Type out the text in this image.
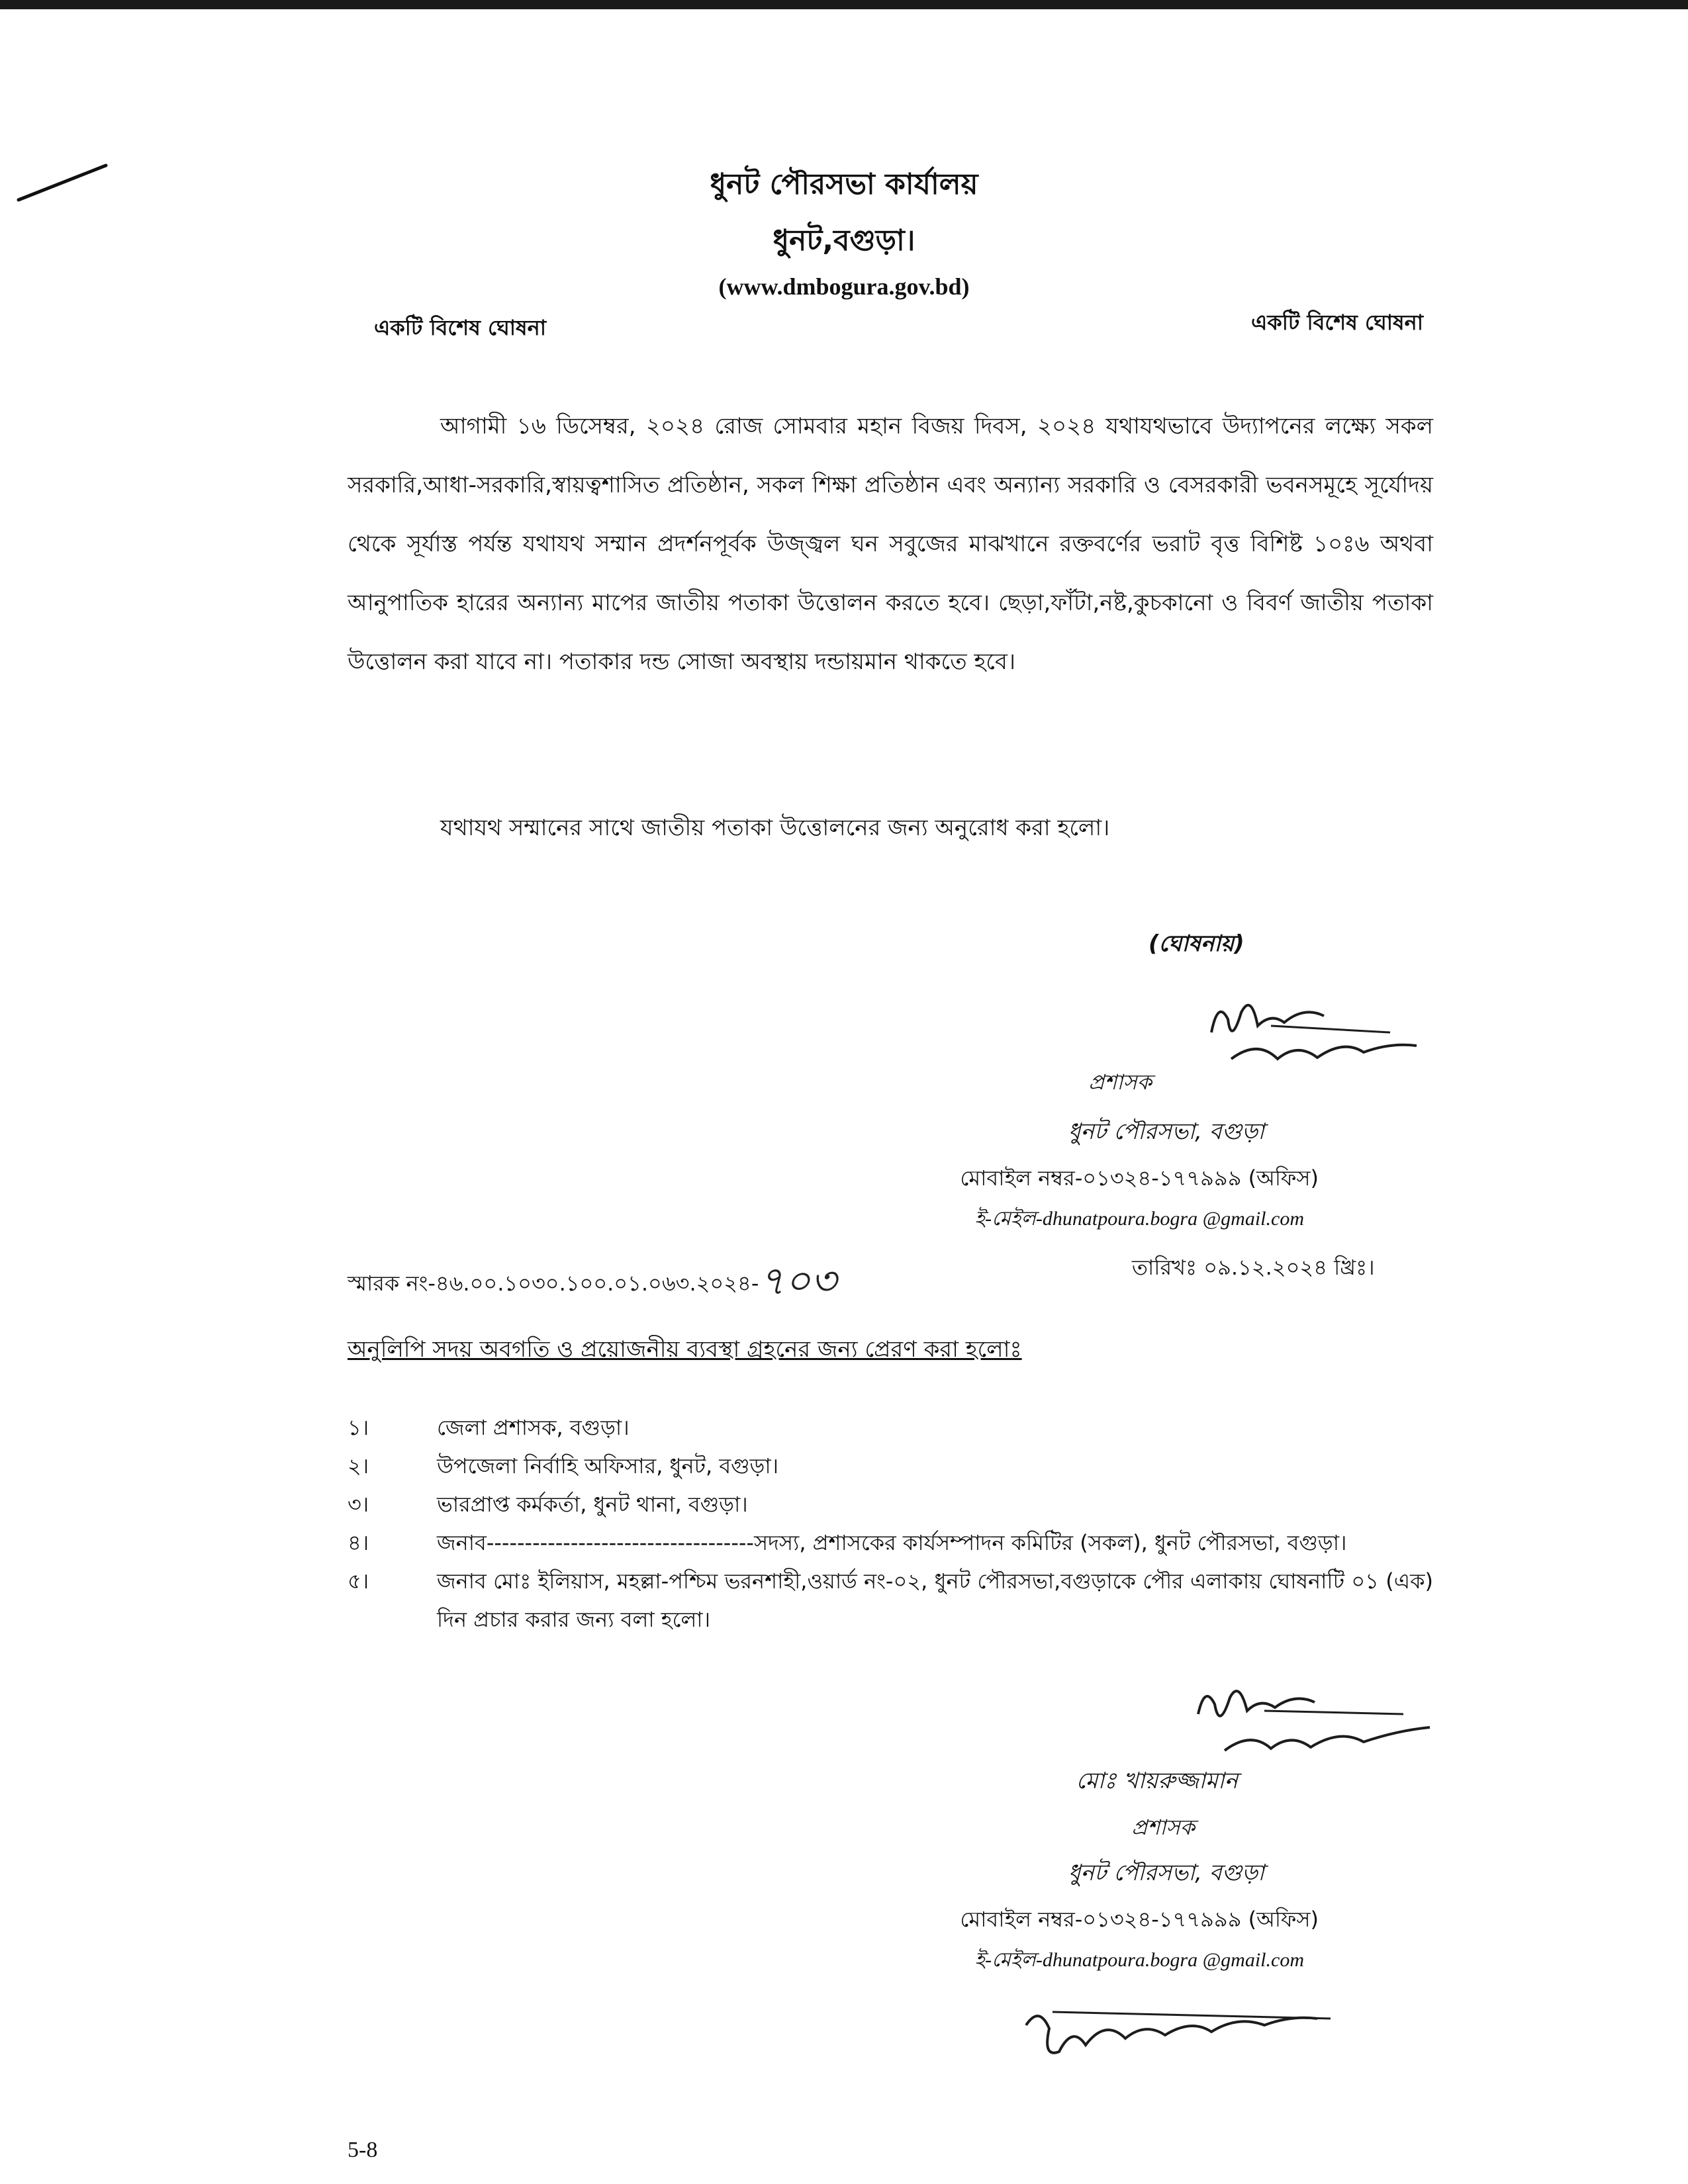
ধুনট পৌরসভা কার্যালয়
ধুনট,বগুড়া।
(www.dmbogura.gov.bd)
একটি বিশেষ ঘোষনা	একটি বিশেষ ঘোষনা
আগামী ১৬ ডিসেম্বর, ২০২৪ রোজ সোমবার মহান বিজয় দিবস, ২০২৪ যথাযথভাবে উদ্যাপনের লক্ষ্যে সকল সরকারি,আধা-সরকারি,স্বায়ত্বশাসিত প্রতিষ্ঠান, সকল শিক্ষা প্রতিষ্ঠান এবং অন্যান্য সরকারি ও বেসরকারী ভবনসমূহে সূর্যোদয় থেকে সূর্যাস্ত পর্যন্ত যথাযথ সম্মান প্রদর্শনপূর্বক উজ্জ্বল ঘন সবুজের মাঝখানে রক্তবর্ণের ভরাট বৃত্ত বিশিষ্ট ১০ঃ৬ অথবা আনুপাতিক হারের অন্যান্য মাপের জাতীয় পতাকা উত্তোলন করতে হবে। ছেড়া,ফাঁটা,নষ্ট,কুচকানো ও বিবর্ণ জাতীয় পতাকা উত্তোলন করা যাবে না। পতাকার দন্ড সোজা অবস্থায় দন্ডায়মান থাকতে হবে।
যথাযথ সম্মানের সাথে জাতীয় পতাকা উত্তোলনের জন্য অনুরোধ করা হলো।
(ঘোষনায়)
প্রশাসক
ধুনট পৌরসভা, বগুড়া
মোবাইল নম্বর-০১৩২৪-১৭৭৯৯৯ (অফিস)
ই-মেইল-dhunatpoura.bogra @gmail.com
স্মারক নং-৪৬.০০.১০৩০.১০০.০১.০৬৩.২০২৪-৭০৩	তারিখঃ ০৯.১২.২০২৪ খ্রিঃ।
অনুলিপি সদয় অবগতি ও প্রয়োজনীয় ব্যবস্থা গ্রহনের জন্য প্রেরণ করা হলোঃ
১।	জেলা প্রশাসক, বগুড়া।
২।	উপজেলা নির্বাহি অফিসার, ধুনট, বগুড়া।
৩।	ভারপ্রাপ্ত কর্মকর্তা, ধুনট থানা, বগুড়া।
৪।	জনাব-----------------------------------সদস্য, প্রশাসকের কার্যসম্পাদন কমিটির (সকল), ধুনট পৌরসভা, বগুড়া।
৫।	জনাব মোঃ ইলিয়াস, মহল্লা-পশ্চিম ভরনশাহী,ওয়ার্ড নং-০২, ধুনট পৌরসভা,বগুড়াকে পৌর এলাকায় ঘোষনাটি ০১ (এক) দিন প্রচার করার জন্য বলা হলো।
মোঃ খায়রুজ্জামান
প্রশাসক
ধুনট পৌরসভা, বগুড়া
মোবাইল নম্বর-০১৩২৪-১৭৭৯৯৯ (অফিস)
ই-মেইল-dhunatpoura.bogra @gmail.com
5-8
